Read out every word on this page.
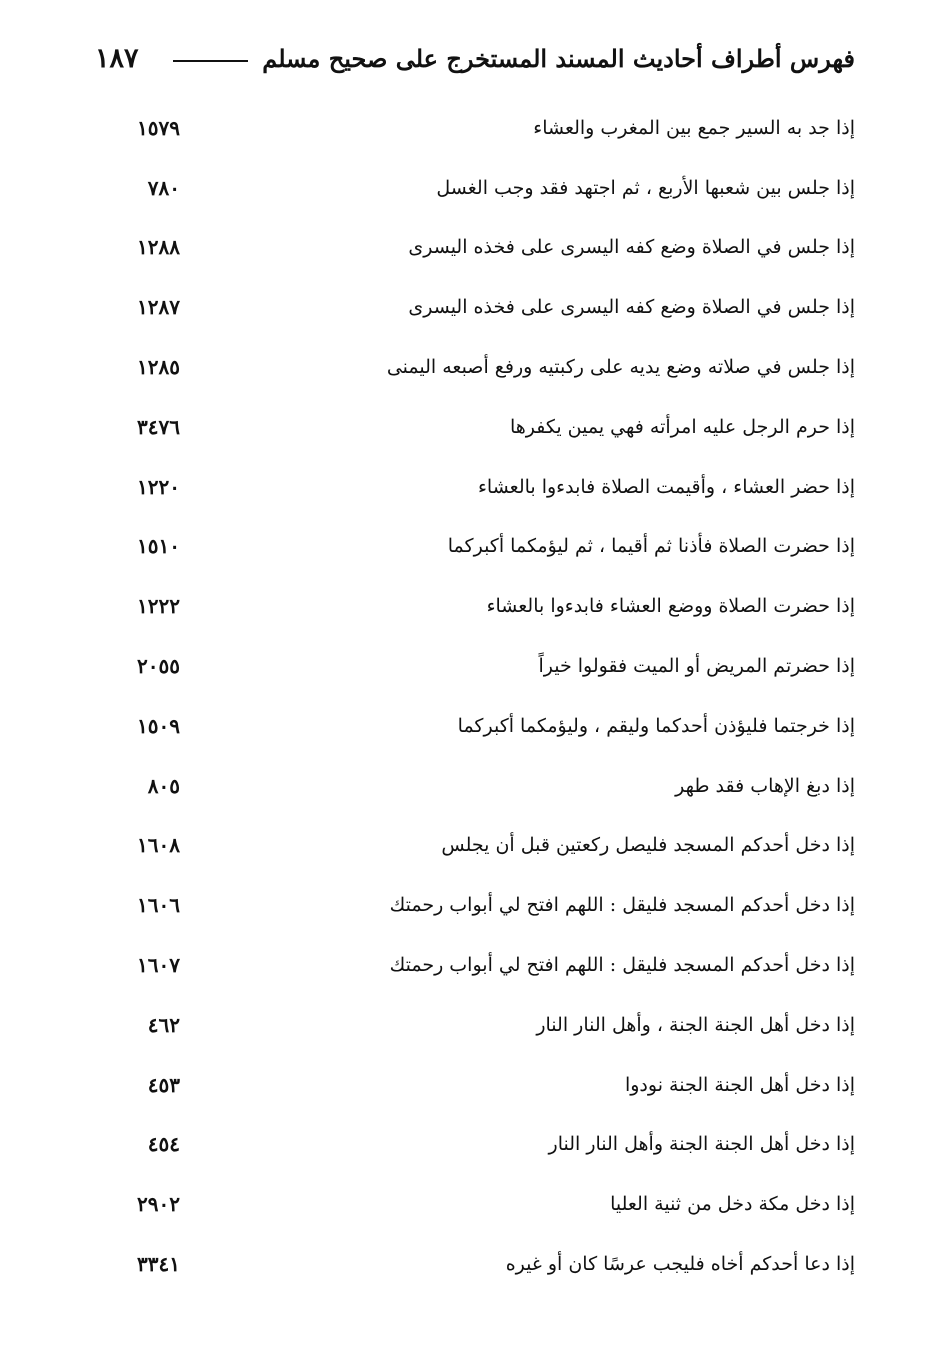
١٨٧	فهرس أطراف أحاديث المسند المستخرج على صحيح مسلم
إذا جد به السير جمع بين المغرب والعشاء
١٥٧٩
إذا جلس بين شعبها الأربع ، ثم اجتهد فقد وجب الغسل
٧٨٠
إذا جلس في الصلاة وضع كفه اليسرى على فخذه اليسرى
١٢٨٨
إذا جلس في الصلاة وضع كفه اليسرى على فخذه اليسرى
١٢٨٧
إذا جلس في صلاته وضع يديه على ركبتيه ورفع أصبعه اليمنى
١٢٨٥
إذا حرم الرجل عليه امرأته فهي يمين يكفرها
٣٤٧٦
إذا حضر العشاء ، وأقيمت الصلاة فابدءوا بالعشاء
١٢٢٠
إذا حضرت الصلاة فأذنا ثم أقيما ، ثم ليؤمكما أكبركما
١٥١٠
إذا حضرت الصلاة ووضع العشاء فابدءوا بالعشاء
١٢٢٢
إذا حضرتم المريض أو الميت فقولوا خيراً
٢٠٥٥
إذا خرجتما فليؤذن أحدكما وليقم ، وليؤمكما أكبركما
١٥٠٩
إذا دبغ الإهاب فقد طهر
٨٠٥
إذا دخل أحدكم المسجد فليصل ركعتين قبل أن يجلس
١٦٠٨
إذا دخل أحدكم المسجد فليقل : اللهم افتح لي أبواب رحمتك
١٦٠٦
إذا دخل أحدكم المسجد فليقل : اللهم افتح لي أبواب رحمتك
١٦٠٧
إذا دخل أهل الجنة الجنة ، وأهل النار النار
٤٦٢
إذا دخل أهل الجنة الجنة نودوا
٤٥٣
إذا دخل أهل الجنة الجنة وأهل النار النار
٤٥٤
إذا دخل مكة دخل من ثنية العليا
٢٩٠٢
إذا دعا أحدكم أخاه فليجب عرسًا كان أو غيره
٣٣٤١
